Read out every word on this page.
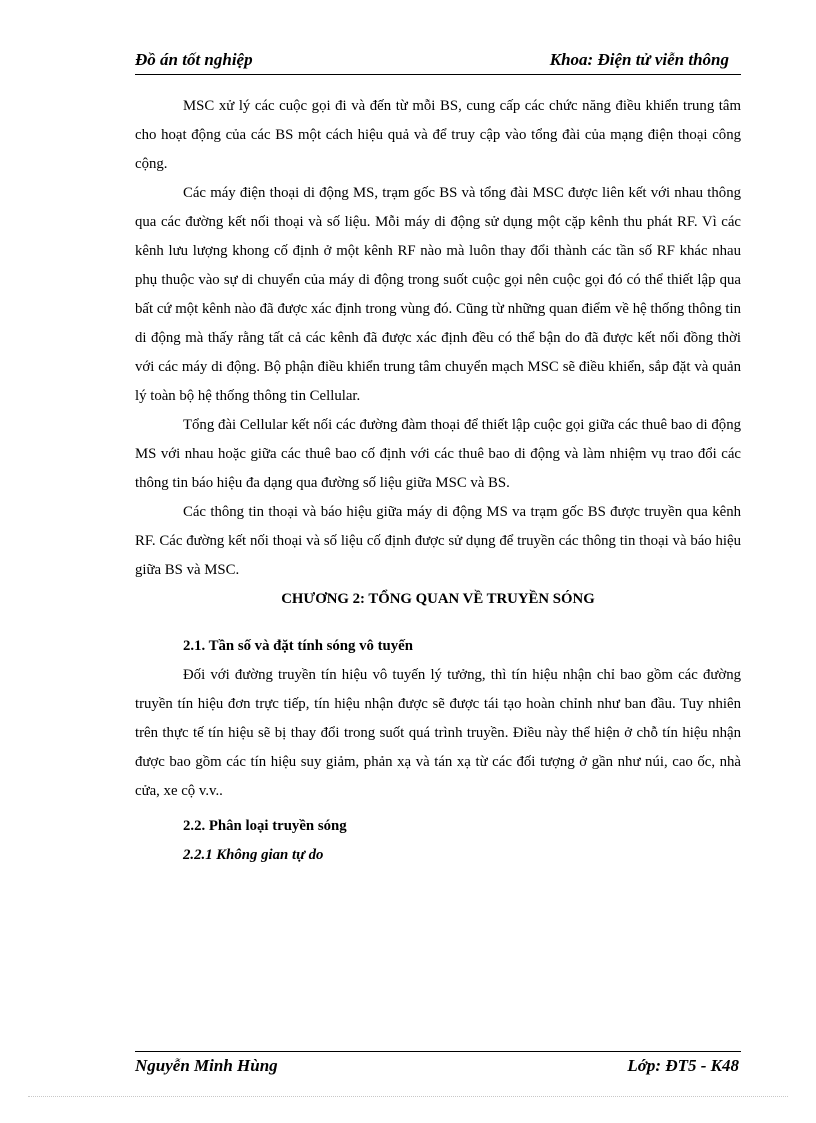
Đồ án tốt nghiệp	Khoa: Điện tử viễn thông

MSC xử lý các cuộc gọi đi và đến từ mỗi BS, cung cấp các chức năng điều khiển trung tâm cho hoạt động của các BS một cách hiệu quả và để truy cập vào tổng đài của mạng điện thoại công cộng.

Các máy điện thoại di động MS, trạm gốc BS và tổng đài MSC được liên kết với nhau thông qua các đường kết nối thoại và số liệu. Mỗi máy di động sử dụng một cặp kênh thu phát RF. Vì các kênh lưu lượng khong cố định ở một kênh RF nào mà luôn thay đổi thành các tần số RF khác nhau phụ thuộc vào sự di chuyển của máy di động trong suốt cuộc gọi nên cuộc gọi đó có thể thiết lập qua bất cứ một kênh nào đã được xác định trong vùng đó. Cũng từ những quan điểm về hệ thống thông tin di động mà thấy rằng tất cả các kênh đã được xác định đều có thể bận do đã được kết nối đồng thời với các máy di động. Bộ phận điều khiển trung tâm chuyển mạch MSC sẽ điều khiển, sắp đặt và quản lý toàn bộ hệ thống thông tin Cellular.

Tổng đài Cellular kết nối các đường đàm thoại để thiết lập cuộc gọi giữa các thuê bao di động MS với nhau hoặc giữa các thuê bao cố định với các thuê bao di động và làm nhiệm vụ trao đổi các thông tin báo hiệu đa dạng qua đường số liệu giữa MSC và BS.

Các thông tin thoại và báo hiệu giữa máy di động MS va trạm gốc BS được truyền qua kênh RF. Các đường kết nối thoại và số liệu cố định được sử dụng để truyền các thông tin thoại và báo hiệu giữa BS và MSC.

CHƯƠNG 2: TỔNG QUAN VỀ TRUYỀN SÓNG
2.1. Tần số và đặt tính sóng vô tuyến

Đối với đường truyền tín hiệu vô tuyến lý tưởng, thì tín hiệu nhận chỉ bao gồm các đường truyền tín hiệu đơn trực tiếp, tín hiệu nhận được sẽ được tái tạo hoàn chỉnh như ban đầu. Tuy nhiên trên thực tế tín hiệu sẽ bị thay đổi trong suốt quá trình truyền. Điều này thể hiện ở chỗ tín hiệu nhận được bao gồm các tín hiệu suy giảm, phản xạ và tán xạ từ các đối tượng ở gần như núi, cao ốc, nhà cửa, xe cộ v.v..

2.2. Phân loại truyền sóng
2.2.1 Không gian tự do
Nguyễn Minh Hùng	Lớp: ĐT5 - K48
